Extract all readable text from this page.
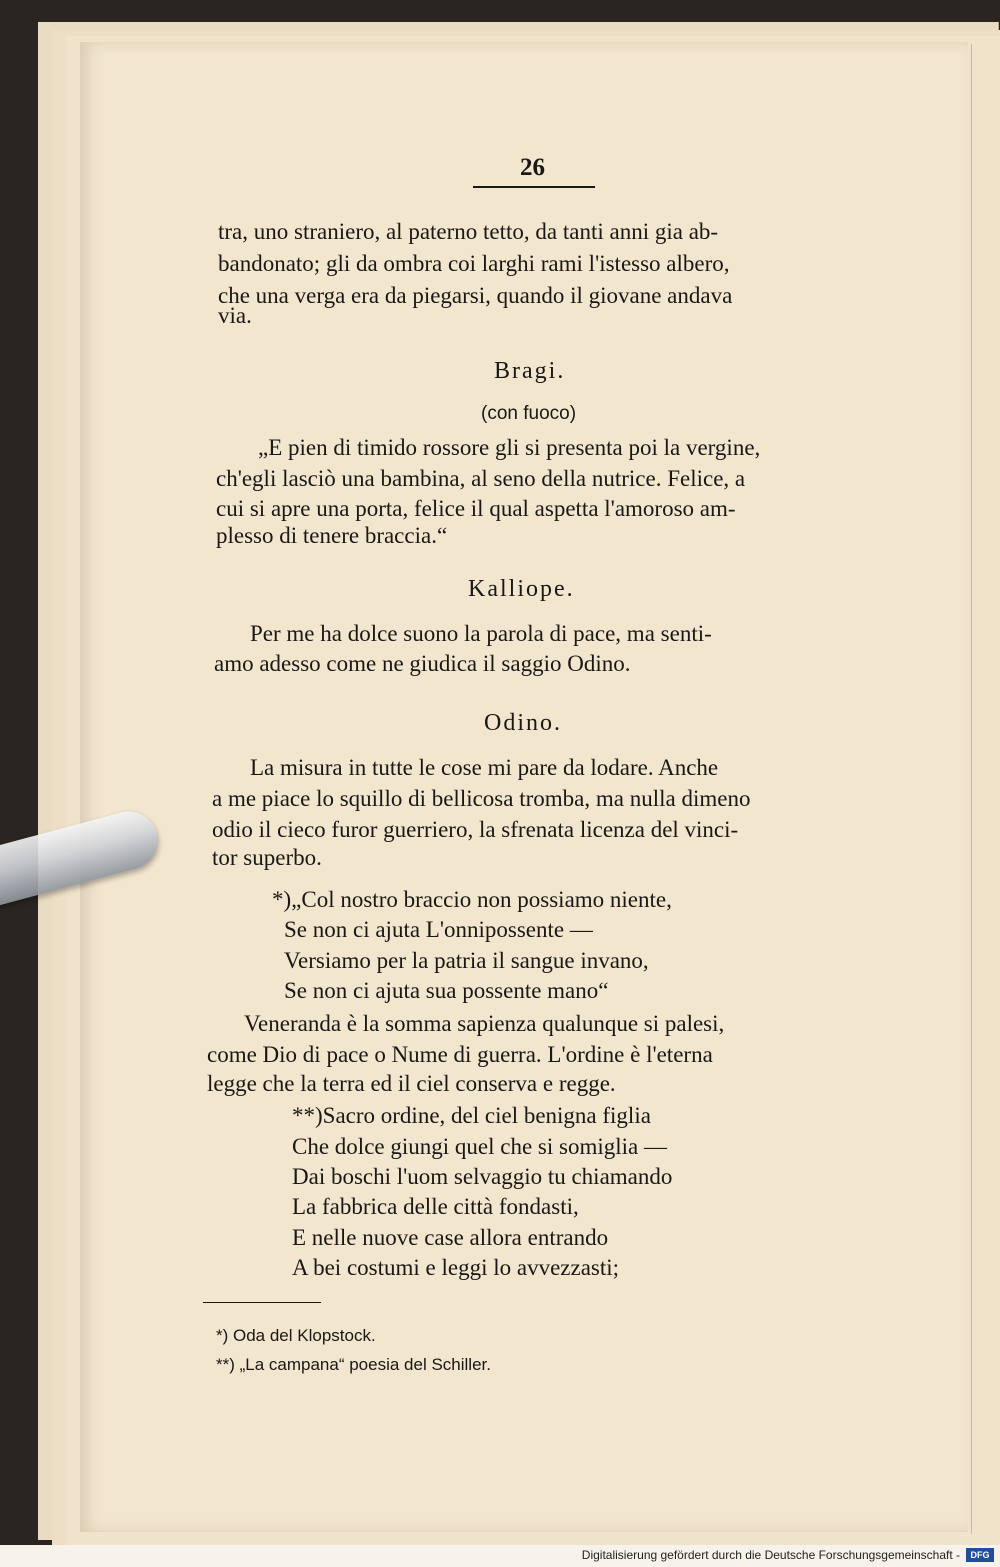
26
tra, uno straniero, al paterno tetto, da tanti anni gia ab-
bandonato; gli da ombra coi larghi rami l'istesso albero,
che una verga era da piegarsi, quando il giovane andava
via.
Bragi.
(con fuoco)
„E pien di timido rossore gli si presenta poi la vergine,
ch'egli lasciò una bambina, al seno della nutrice. Felice, a
cui si apre una porta, felice il qual aspetta l'amoroso am-
plesso di tenere braccia.“
Kalliope.
Per me ha dolce suono la parola di pace, ma senti-
amo adesso come ne giudica il saggio Odino.
Odino.
La misura in tutte le cose mi pare da lodare. Anche
a me piace lo squillo di bellicosa tromba, ma nulla dimeno
odio il cieco furor guerriero, la sfrenata licenza del vinci-
tor superbo.
*)„Col nostro braccio non possiamo niente,
Se non ci ajuta L'onnipossente —
Versiamo per la patria il sangue invano,
Se non ci ajuta sua possente mano“
Veneranda è la somma sapienza qualunque si palesi,
come Dio di pace o Nume di guerra. L'ordine è l'eterna
legge che la terra ed il ciel conserva e regge.
**)Sacro ordine, del ciel benigna figlia
Che dolce giungi quel che si somiglia —
Dai boschi l'uom selvaggio tu chiamando
La fabbrica delle città fondasti,
E nelle nuove case allora entrando
A bei costumi e leggi lo avvezzasti;
*) Oda del Klopstock.
**) „La campana“ poesia del Schiller.
Digitalisierung gefördert durch die Deutsche Forschungsgemeinschaft -	DFG
